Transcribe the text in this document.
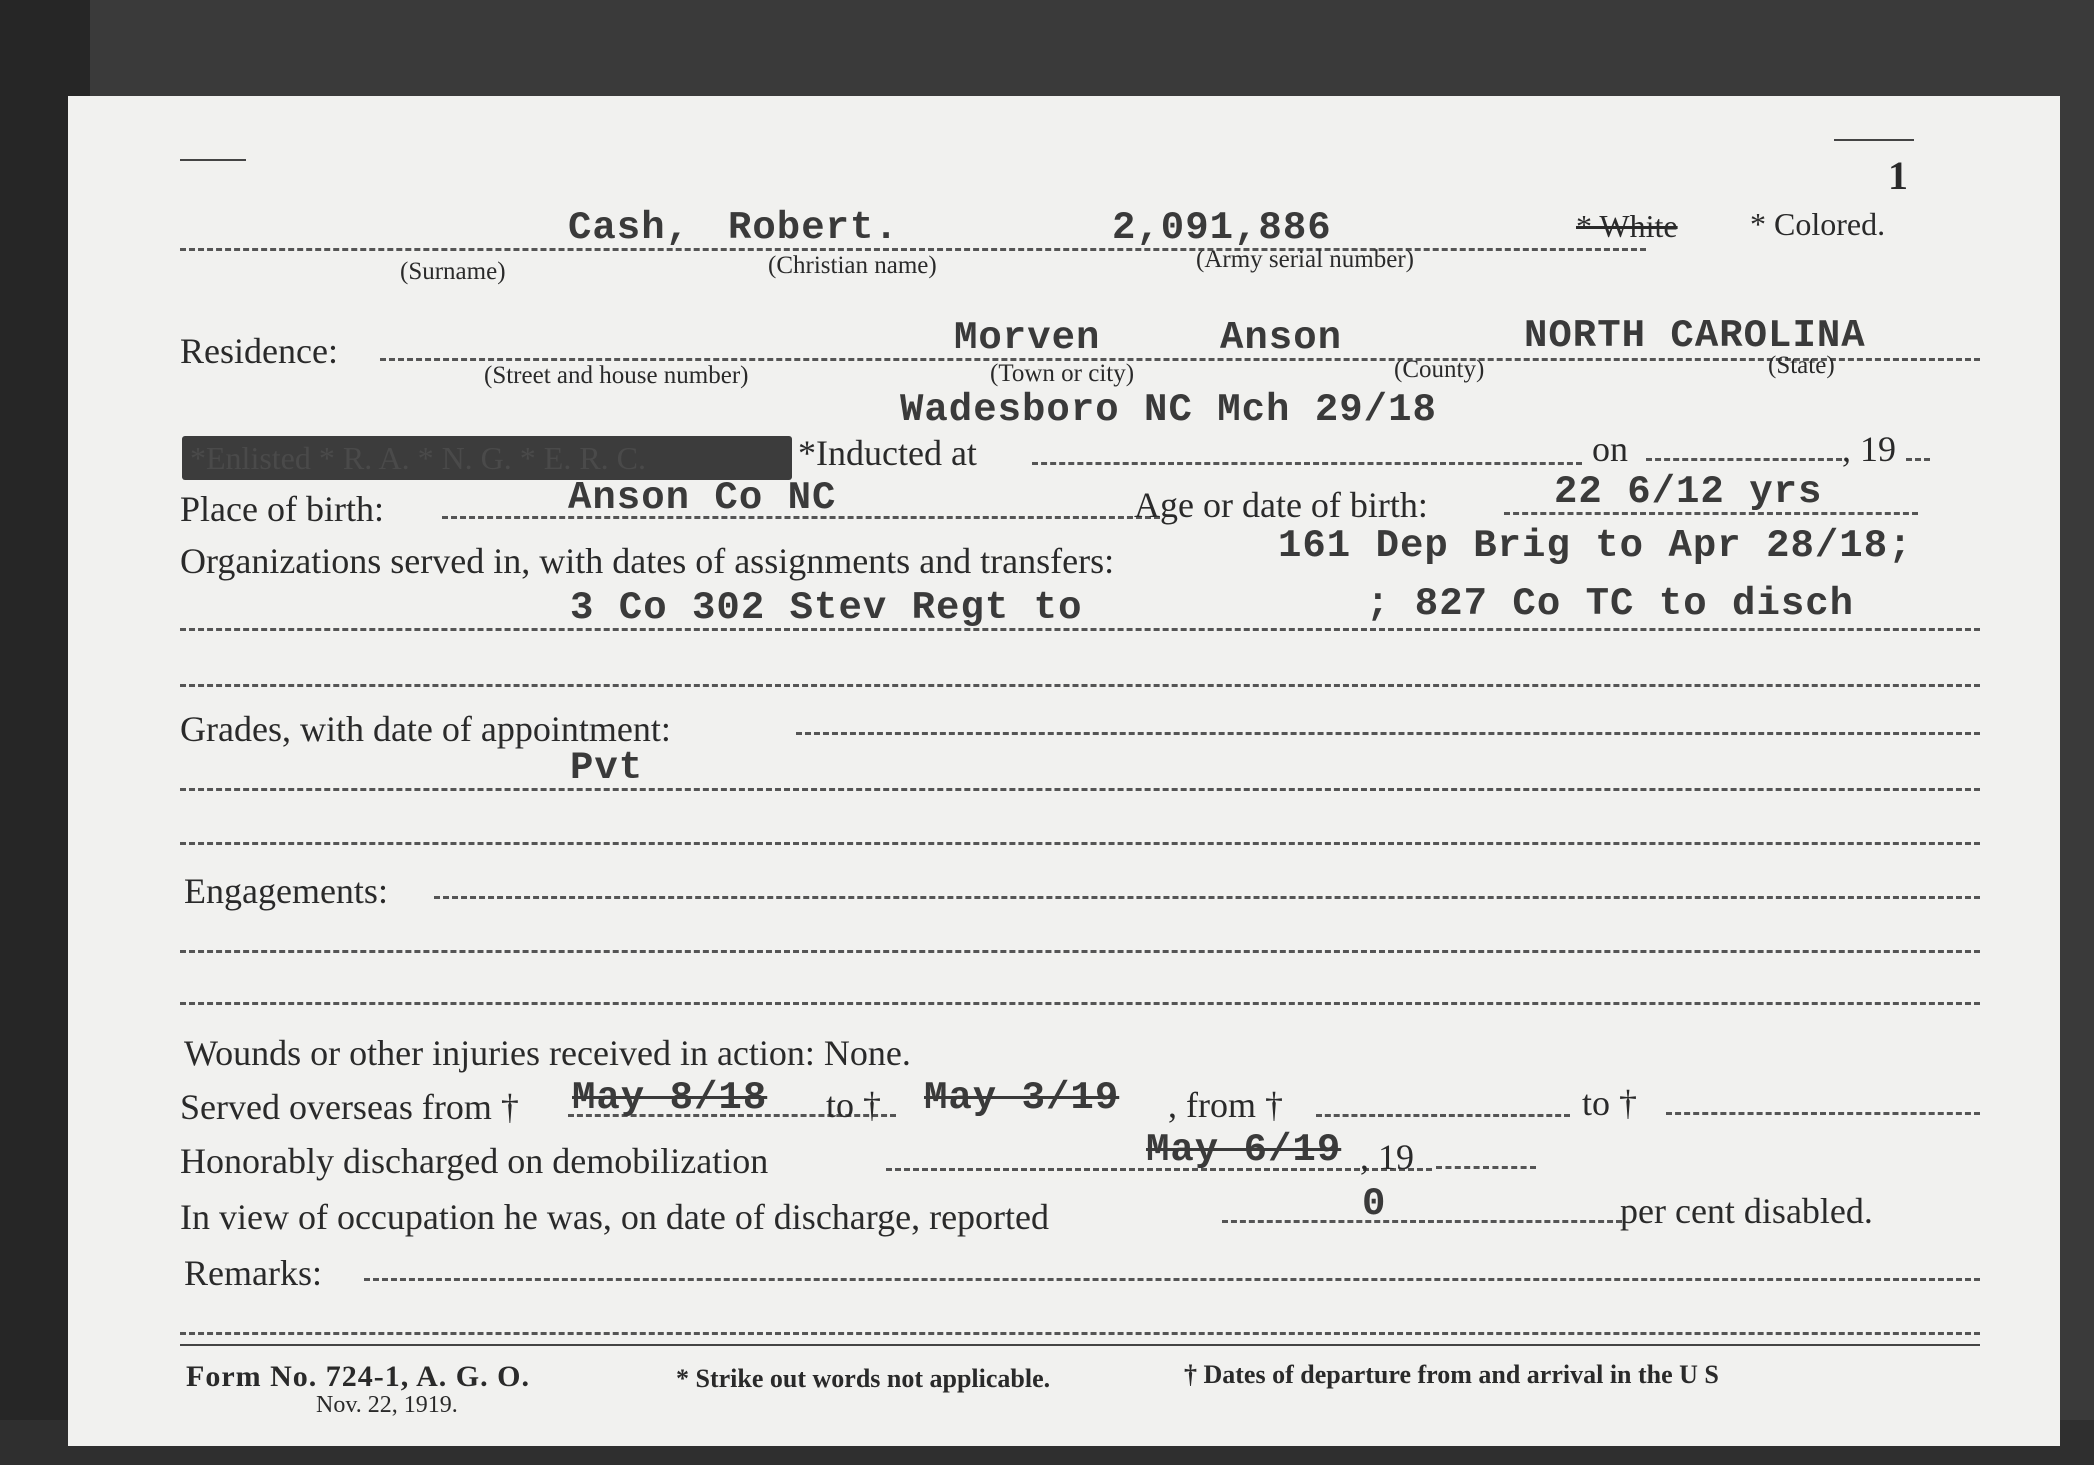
1
Cash, Robert.	2,091,886	* White * Colored.
(Surname)	(Christian name)	(Army serial number)
Residence:	Morven	Anson	NORTH CAROLINA
(Street and house number)	(Town or city)	(County)	(State)
Wadesboro NC Mch 29/18
*Enlisted * R. A. * N. G. * E. R. C.	*Inducted at	on	, 19
Place of birth:	Anson Co NC	Age or date of birth:	22 6/12 yrs
Organizations served in, with dates of assignments and transfers:	161 Dep Brig to Apr 28/18;
3 Co 302 Stev Regt to	; 827 Co TC to disch
Grades, with date of appointment:
Pvt
Engagements:
Wounds or other injuries received in action: None.
Served overseas from † May 8/18 to † May 3/19 , from †	to †
Honorably discharged on demobilization	May 6/19 , 19
In view of occupation he was, on date of discharge, reported	0	per cent disabled.
Remarks:
Form No. 724-1, A. G. O.
Nov. 22, 1919.
* Strike out words not applicable.	† Dates of departure from and arrival in the U S
